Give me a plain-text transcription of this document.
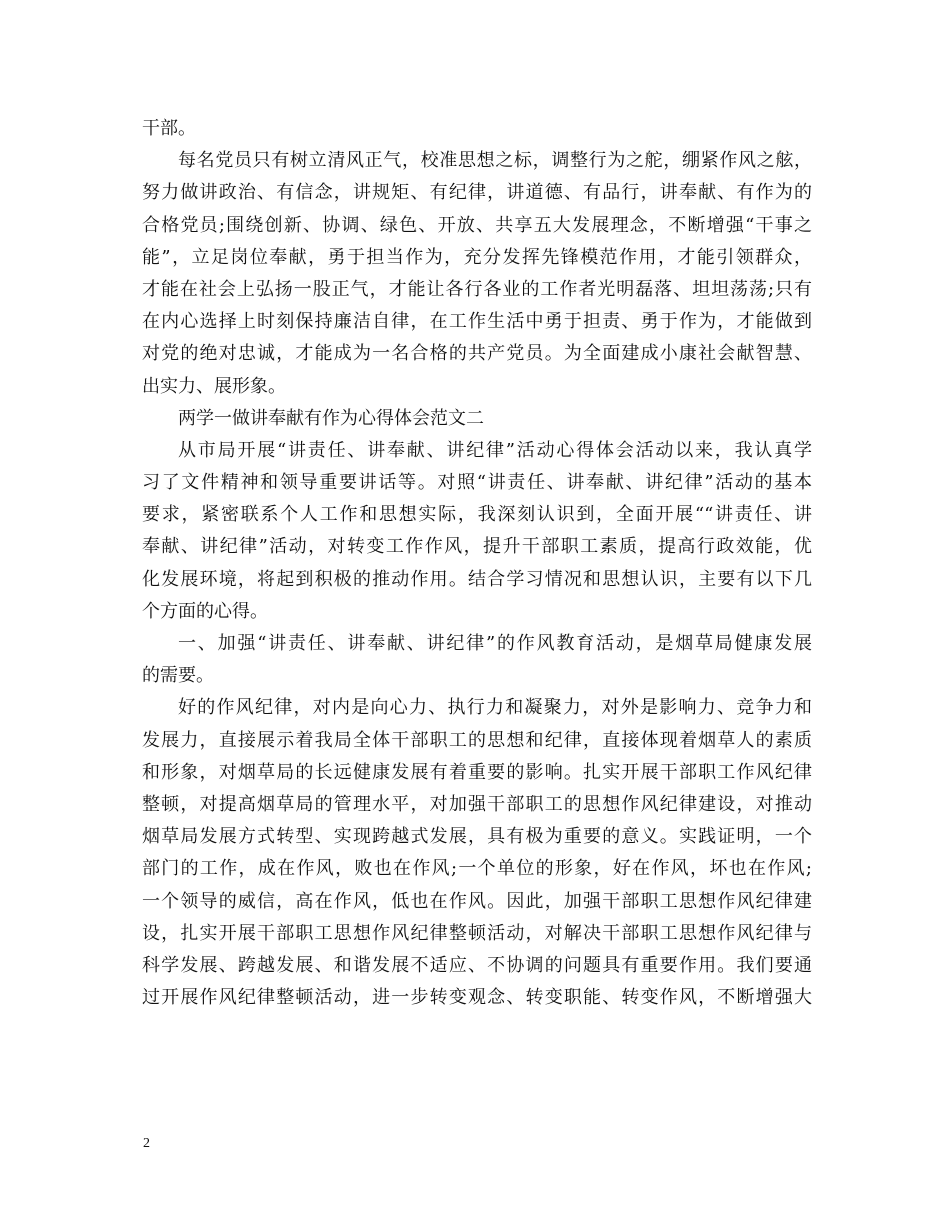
干部。
每名党员只有树立清风正气，校准思想之标，调整行为之舵，绷紧作风之舷，
努力做讲政治、有信念，讲规矩、有纪律，讲道德、有品行，讲奉献、有作为的
合格党员;围绕创新、协调、绿色、开放、共享五大发展理念，不断增强“干事之
能”，立足岗位奉献，勇于担当作为，充分发挥先锋模范作用，才能引领群众，
才能在社会上弘扬一股正气，才能让各行各业的工作者光明磊落、坦坦荡荡;只有
在内心选择上时刻保持廉洁自律，在工作生活中勇于担责、勇于作为，才能做到
对党的绝对忠诚，才能成为一名合格的共产党员。为全面建成小康社会献智慧、
出实力、展形象。
两学一做讲奉献有作为心得体会范文二
从市局开展“讲责任、讲奉献、讲纪律”活动心得体会活动以来，我认真学
习了文件精神和领导重要讲话等。对照“讲责任、讲奉献、讲纪律”活动的基本
要求，紧密联系个人工作和思想实际，我深刻认识到，全面开展““讲责任、讲
奉献、讲纪律”活动，对转变工作作风，提升干部职工素质，提高行政效能，优
化发展环境，将起到积极的推动作用。结合学习情况和思想认识，主要有以下几
个方面的心得。
一、加强“讲责任、讲奉献、讲纪律”的作风教育活动，是烟草局健康发展
的需要。
好的作风纪律，对内是向心力、执行力和凝聚力，对外是影响力、竞争力和
发展力，直接展示着我局全体干部职工的思想和纪律，直接体现着烟草人的素质
和形象，对烟草局的长远健康发展有着重要的影响。扎实开展干部职工作风纪律
整顿，对提高烟草局的管理水平，对加强干部职工的思想作风纪律建设，对推动
烟草局发展方式转型、实现跨越式发展，具有极为重要的意义。实践证明，一个
部门的工作，成在作风，败也在作风;一个单位的形象，好在作风，坏也在作风;
一个领导的威信，高在作风，低也在作风。因此，加强干部职工思想作风纪律建
设，扎实开展干部职工思想作风纪律整顿活动，对解决干部职工思想作风纪律与
科学发展、跨越发展、和谐发展不适应、不协调的问题具有重要作用。我们要通
过开展作风纪律整顿活动，进一步转变观念、转变职能、转变作风，不断增强大
2
